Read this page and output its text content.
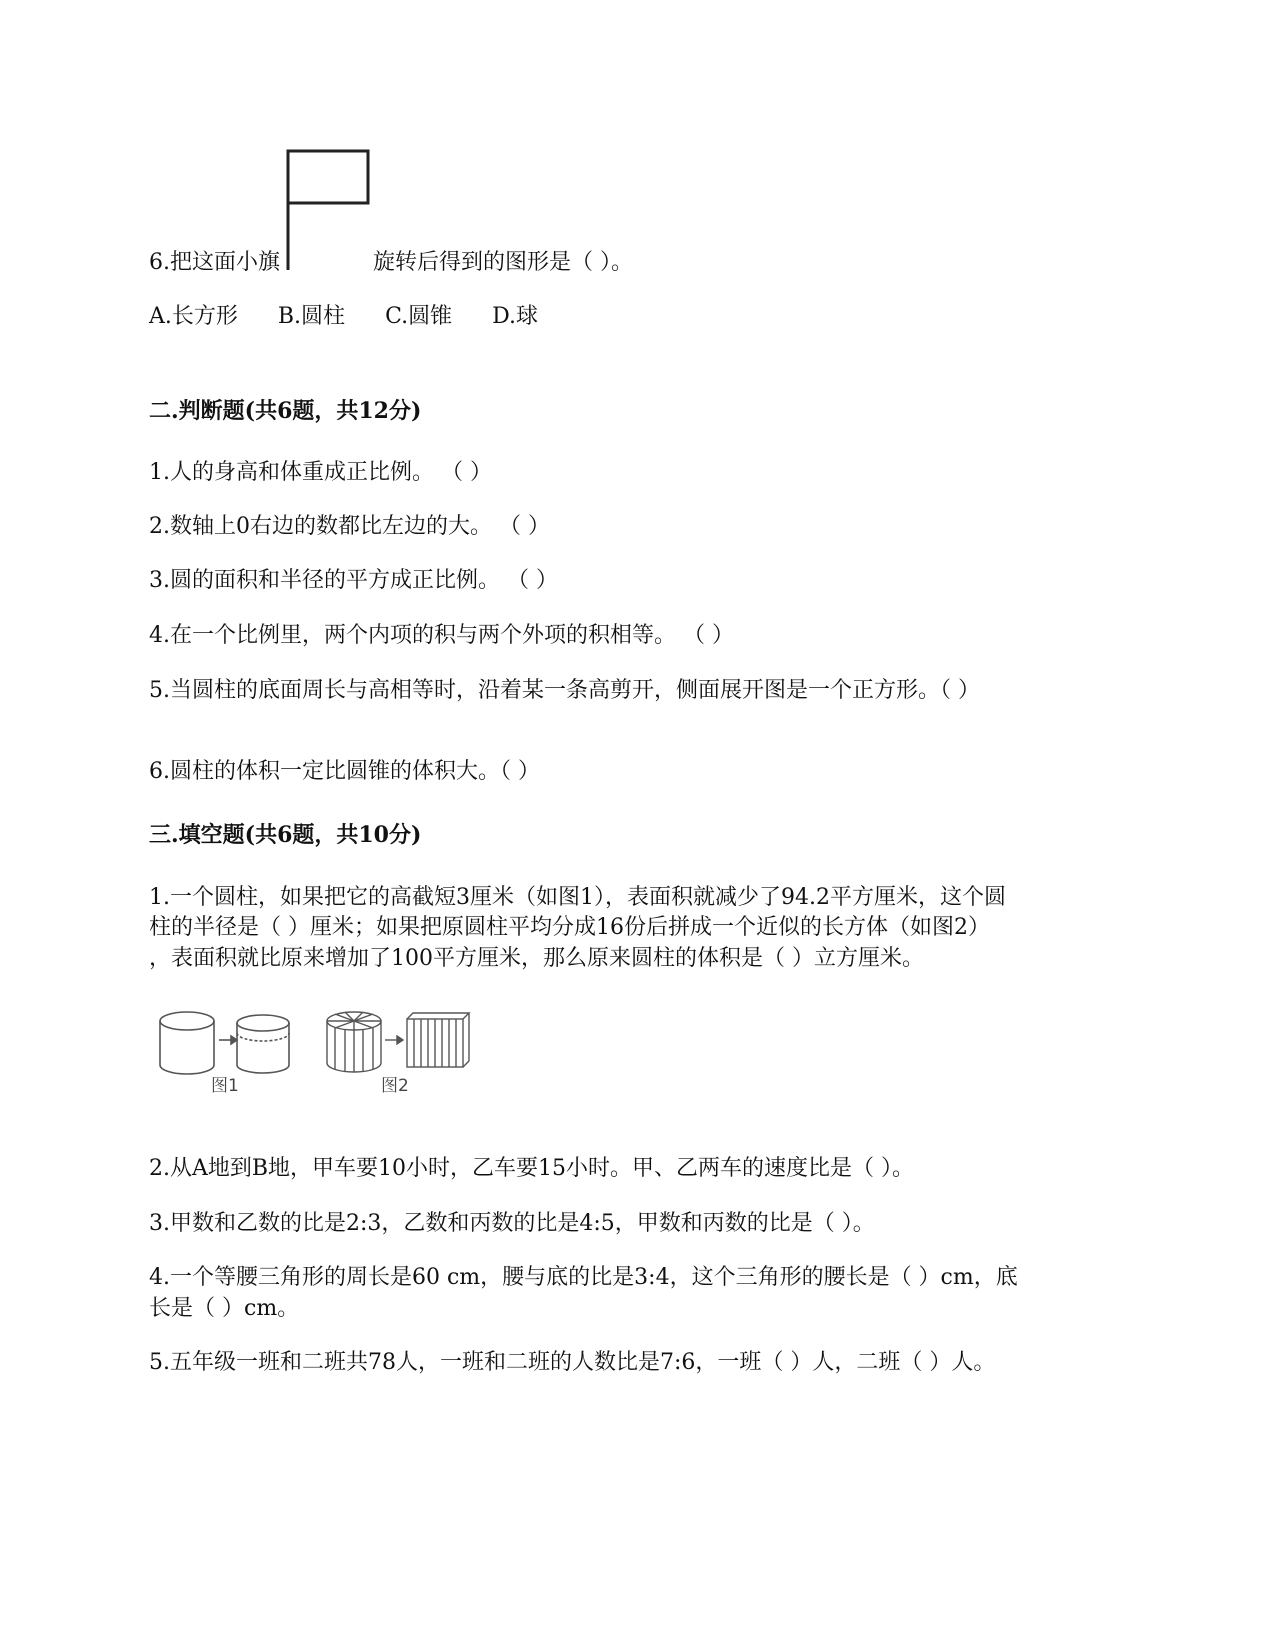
6.把这面小旗	旋转后得到的图形是（ ）。
A.长方形 B.圆柱 C.圆锥 D.球
二.判断题(共6题，共12分)
1.人的身高和体重成正比例。 （ ）
2.数轴上0右边的数都比左边的大。 （ ）
3.圆的面积和半径的平方成正比例。 （ ）
4.在一个比例里，两个内项的积与两个外项的积相等。 （ ）
5.当圆柱的底面周长与高相等时，沿着某一条高剪开，侧面展开图是一个正方形。（ ）
6.圆柱的体积一定比圆锥的体积大。（ ）
三.填空题(共6题，共10分)
1.一个圆柱，如果把它的高截短3厘米（如图1），表面积就减少了94.2平方厘米，这个圆
柱的半径是（ ）厘米；如果把原圆柱平均分成16份后拼成一个近似的长方体（如图2）
，表面积就比原来增加了100平方厘米，那么原来圆柱的体积是（ ）立方厘米。
图1	图2
2.从A地到B地，甲车要10小时，乙车要15小时。甲、乙两车的速度比是（ ）。
3.甲数和乙数的比是2:3，乙数和丙数的比是4:5，甲数和丙数的比是（ ）。
4.一个等腰三角形的周长是60 cm，腰与底的比是3:4，这个三角形的腰长是（ ）cm，底
长是（ ）cm。
5.五年级一班和二班共78人，一班和二班的人数比是7:6，一班（ ）人，二班（ ）人。
